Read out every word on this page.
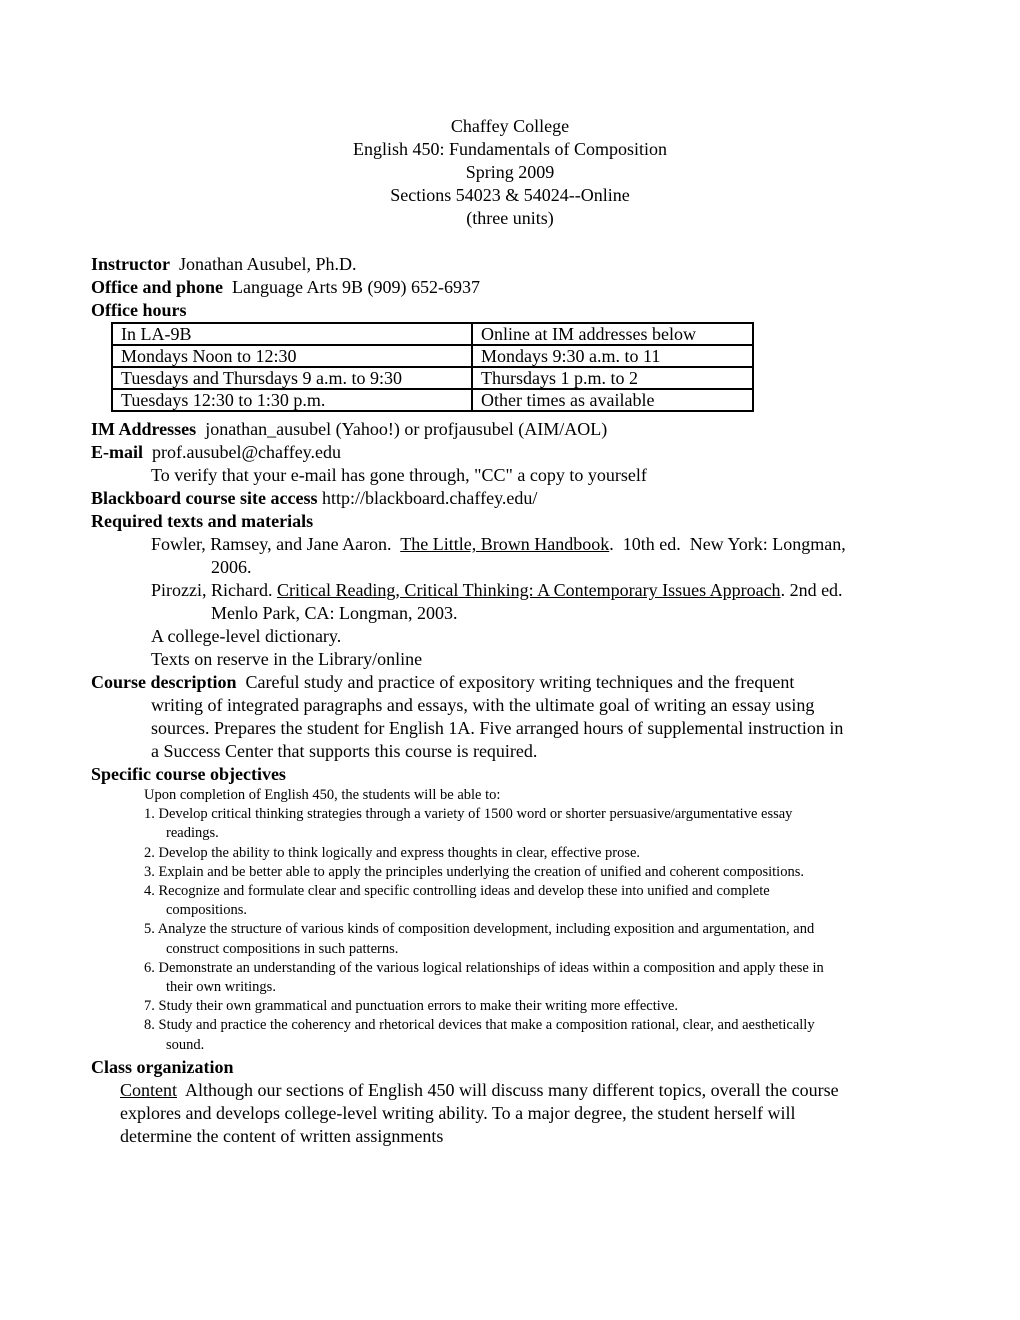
Chaffey College
English 450: Fundamentals of Composition
Spring 2009
Sections 54023 & 54024--Online
(three units)
Instructor Jonathan Ausubel, Ph.D.
Office and phone Language Arts 9B (909) 652-6937
Office hours
In LA-9B	Online at IM addresses below
Mondays Noon to 12:30	Mondays 9:30 a.m. to 11
Tuesdays and Thursdays 9 a.m. to 9:30	Thursdays 1 p.m. to 2
Tuesdays 12:30 to 1:30 p.m.	Other times as available
IM Addresses jonathan_ausubel (Yahoo!) or profjausubel (AIM/AOL)
E-mail prof.ausubel@chaffey.edu
To verify that your e-mail has gone through, "CC" a copy to yourself
Blackboard course site access http://blackboard.chaffey.edu/
Required texts and materials
Fowler, Ramsey, and Jane Aaron.  The Little, Brown Handbook.  10th ed.  New York: Longman,
2006.
Pirozzi, Richard. Critical Reading, Critical Thinking: A Contemporary Issues Approach. 2nd ed.
Menlo Park, CA: Longman, 2003.
A college-level dictionary.
Texts on reserve in the Library/online
Course description Careful study and practice of expository writing techniques and the frequent
writing of integrated paragraphs and essays, with the ultimate goal of writing an essay using
sources. Prepares the student for English 1A. Five arranged hours of supplemental instruction in
a Success Center that supports this course is required.
Specific course objectives
Upon completion of English 450, the students will be able to:
1. Develop critical thinking strategies through a variety of 1500 word or shorter persuasive/argumentative essay
readings.
2. Develop the ability to think logically and express thoughts in clear, effective prose.
3. Explain and be better able to apply the principles underlying the creation of unified and coherent compositions.
4. Recognize and formulate clear and specific controlling ideas and develop these into unified and complete
compositions.
5. Analyze the structure of various kinds of composition development, including exposition and argumentation, and
construct compositions in such patterns.
6. Demonstrate an understanding of the various logical relationships of ideas within a composition and apply these in
their own writings.
7. Study their own grammatical and punctuation errors to make their writing more effective.
8. Study and practice the coherency and rhetorical devices that make a composition rational, clear, and aesthetically
sound.
Class organization
Content Although our sections of English 450 will discuss many different topics, overall the course
explores and develops college-level writing ability. To a major degree, the student herself will
determine the content of written assignments
